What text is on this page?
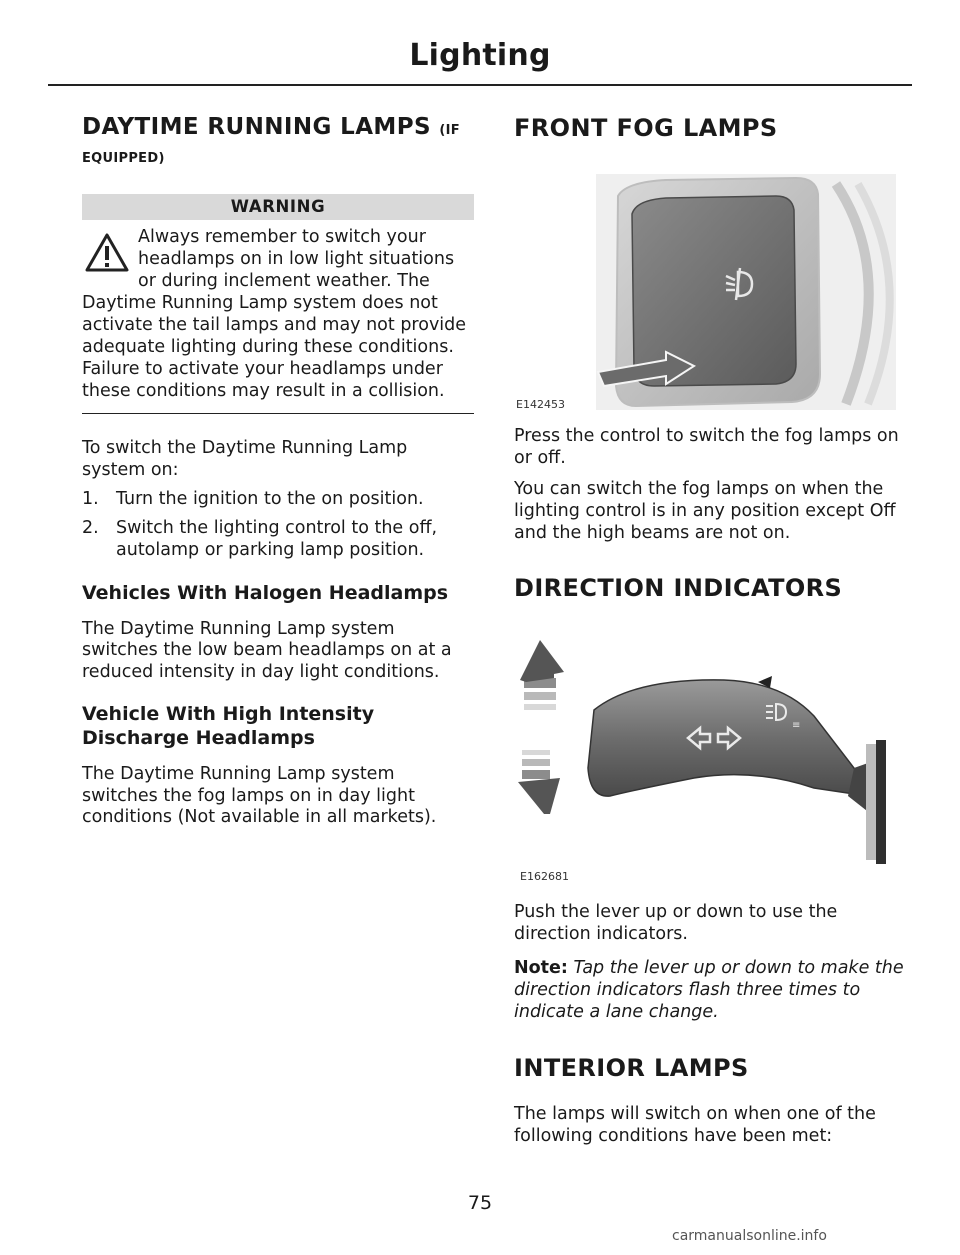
Lighting
DAYTIME RUNNING LAMPS (IF
EQUIPPED)
WARNING
Always remember to switch your headlamps on in low light situations or during inclement weather. The Daytime Running Lamp system does not activate the tail lamps and may not provide adequate lighting during these conditions. Failure to activate your headlamps under these conditions may result in a collision.

To switch the Daytime Running Lamp system on:

1. Turn the ignition to the on position.
2. Switch the lighting control to the off, autolamp or parking lamp position.
Vehicles With Halogen Headlamps

The Daytime Running Lamp system switches the low beam headlamps on at a reduced intensity in day light conditions.

Vehicle With High Intensity Discharge Headlamps

The Daytime Running Lamp system switches the fog lamps on in day light conditions (Not available in all markets).

FRONT FOG LAMPS
E142453

Press the control to switch the fog lamps on or off.

You can switch the fog lamps on when the lighting control is in any position except Off and the high beams are not on.

DIRECTION INDICATORS
≡
E162681

Push the lever up or down to use the direction indicators.

Note: Tap the lever up or down to make the direction indicators flash three times to indicate a lane change.

INTERIOR LAMPS

The lamps will switch on when one of the following conditions have been met:

75
carmanualsonline.info
